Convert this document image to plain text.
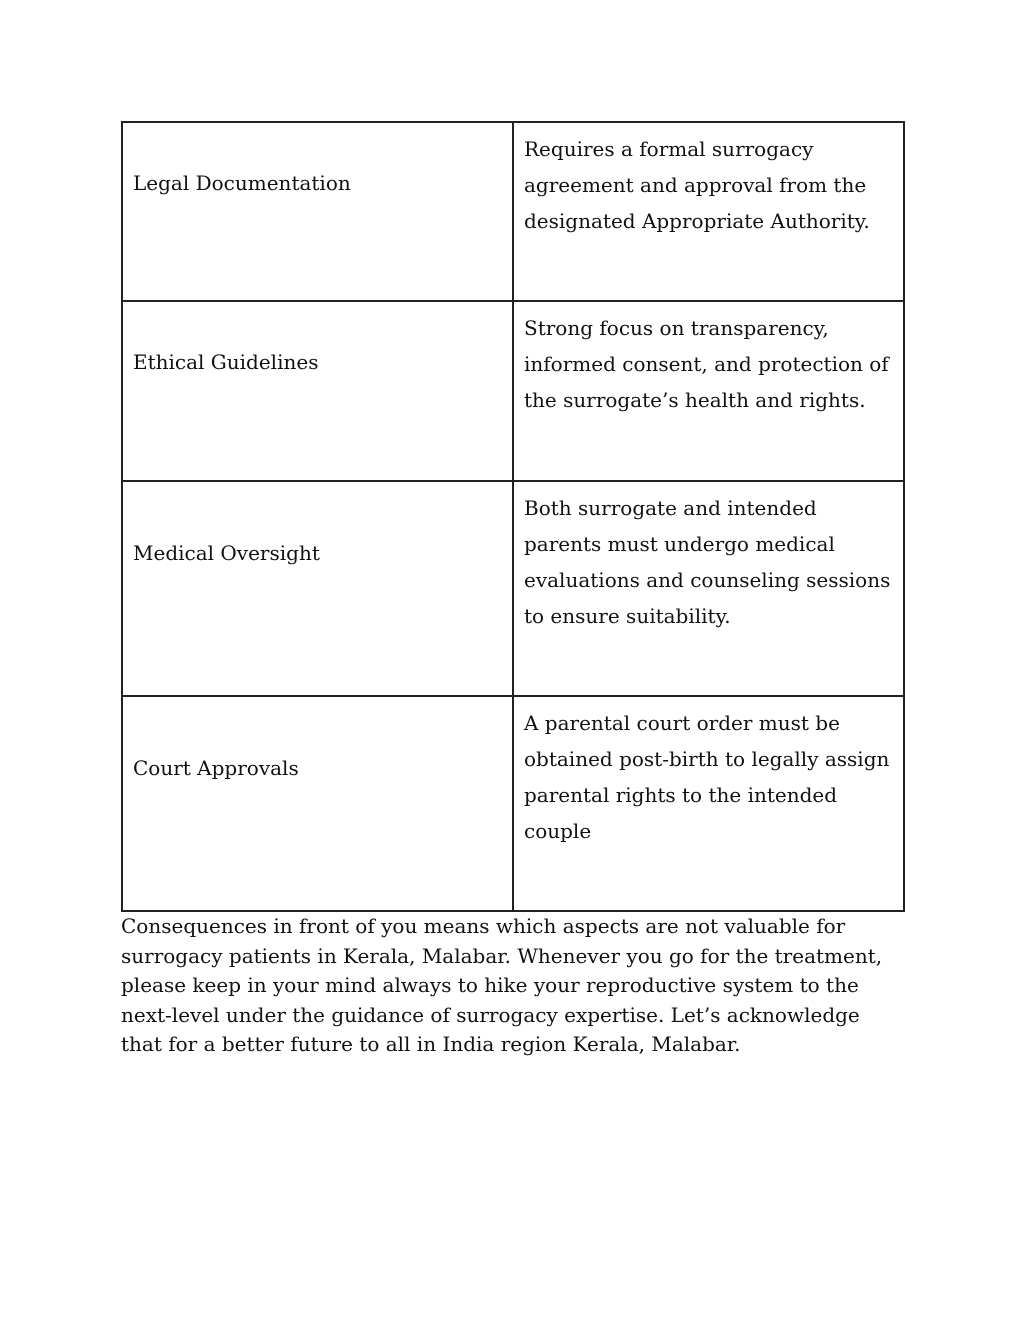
Legal Documentation	Requires a formal surrogacy agreement and approval from the designated Appropriate Authority.

Ethical Guidelines	Strong focus on transparency, informed consent, and protection of the surrogate’s health and rights.

Medical Oversight	Both surrogate and intended parents must undergo medical evaluations and counseling sessions to ensure suitability.

Court Approvals	A parental court order must be obtained post-birth to legally assign parental rights to the intended couple

Consequences in front of you means which aspects are not valuable for surrogacy patients in Kerala, Malabar. Whenever you go for the treatment, please keep in your mind always to hike your reproductive system to the next-level under the guidance of surrogacy expertise. Let’s acknowledge that for a better future to all in India region Kerala, Malabar.
